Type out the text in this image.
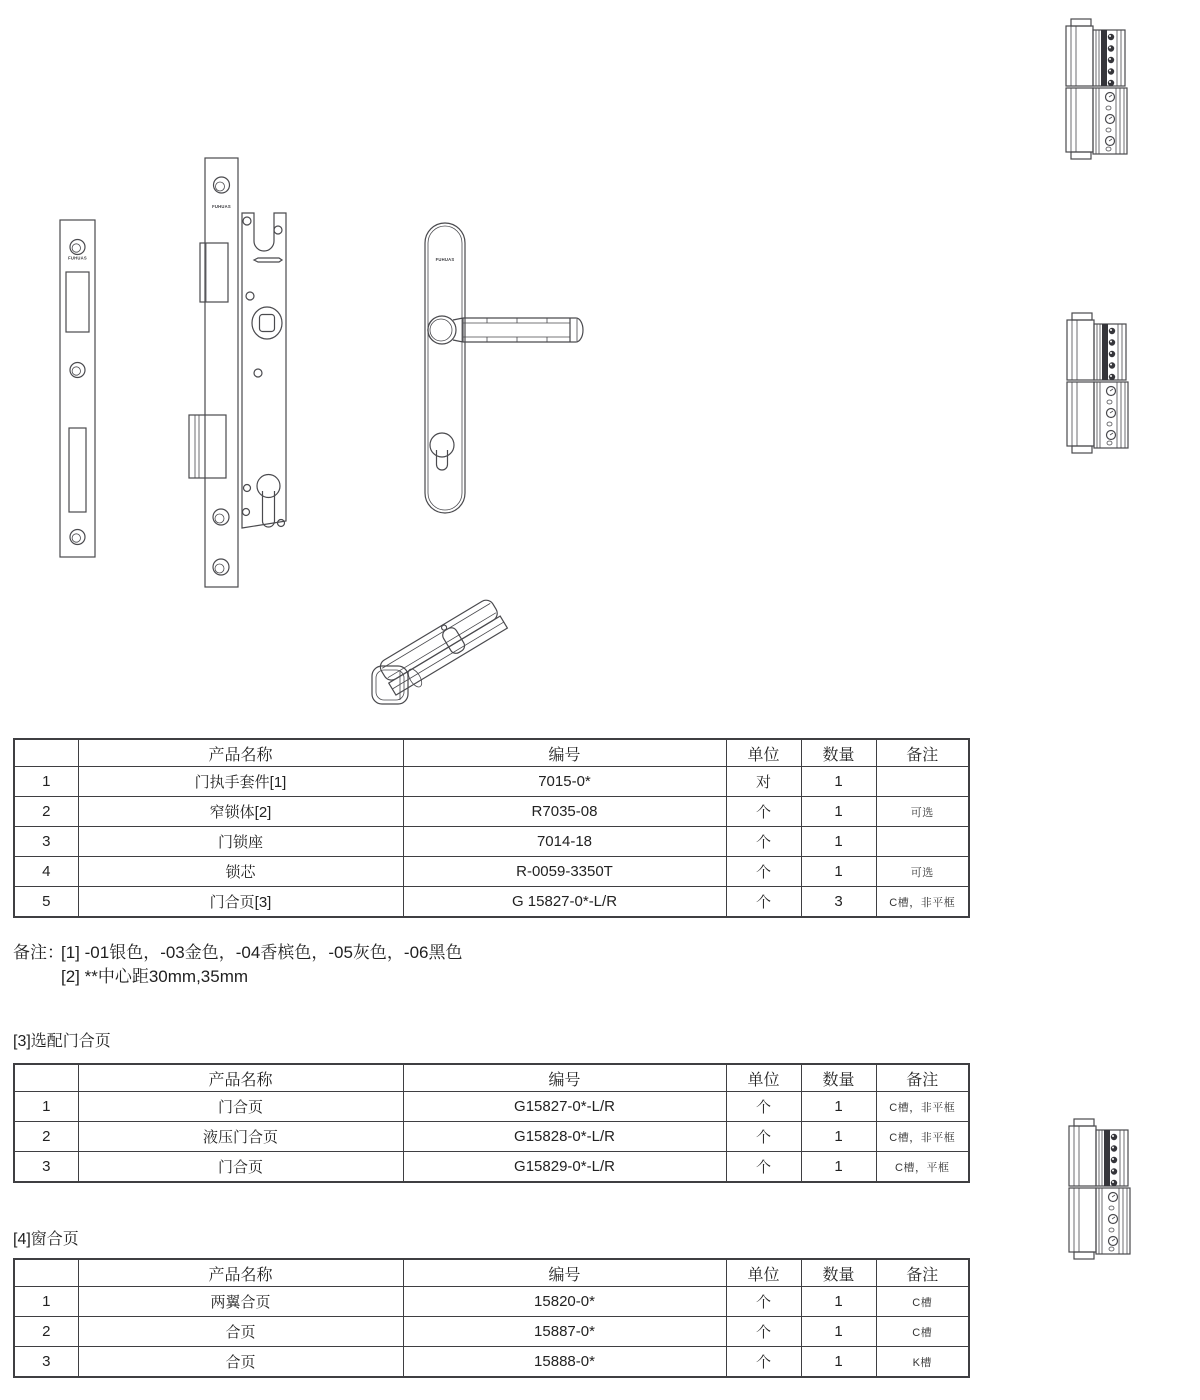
FUHUAS
FUHUAS
FUHUAS
	产品名称	编号	单位	数量	备注
1	门执手套件[1]	7015-0*	对	1	
2	窄锁体[2]	R7035-08	个	1	可选
3	门锁座	7014-18	个	1	
4	锁芯	R-0059-3350T	个	1	可选
5	门合页[3]	G 15827-0*-L/R	个	3	C槽，非平框
备注：
[1] -01银色，-03金色，-04香槟色，-05灰色，-06黑色
[2] **中心距30mm,35mm
[3]选配门合页
	产品名称	编号	单位	数量	备注
1	门合页	G15827-0*-L/R	个	1	C槽，非平框
2	液压门合页	G15828-0*-L/R	个	1	C槽，非平框
3	门合页	G15829-0*-L/R	个	1	C槽，平框
[4]窗合页
	产品名称	编号	单位	数量	备注
1	两翼合页	15820-0*	个	1	C槽
2	合页	15887-0*	个	1	C槽
3	合页	15888-0*	个	1	K槽
